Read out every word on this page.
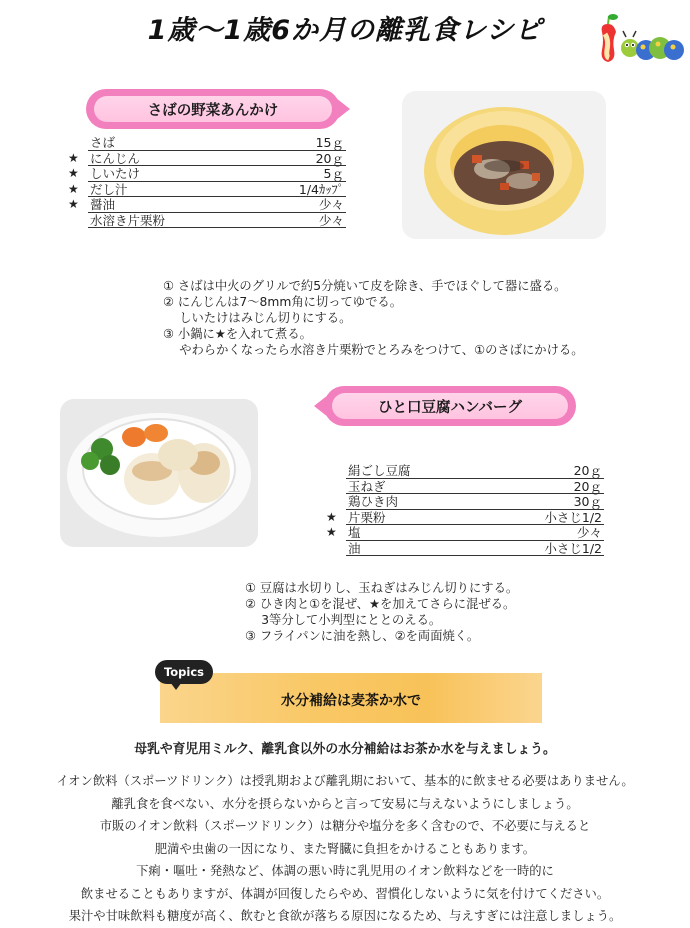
1歳～1歳6か月の離乳食レシピ
さばの野菜あんかけ
さば	15ｇ
★ にんじん	20ｇ
★ しいたけ	5ｇ
★ だし汁	1/4ｶｯﾌﾟ
★ 醤油	少々
水溶き片栗粉	少々
① さばは中火のグリルで約5分焼いて皮を除き、手でほぐして器に盛る。
② にんじんは7～8mm角に切ってゆでる。
　 しいたけはみじん切りにする。
③ 小鍋に★を入れて煮る。
　 やわらかくなったら水溶き片栗粉でとろみをつけて、①のさばにかける。
ひと口豆腐ハンバーグ
絹ごし豆腐	20ｇ
玉ねぎ	20ｇ
鶏ひき肉	30ｇ
★ 片栗粉	小さじ1/2
★ 塩	少々
油	小さじ1/2
① 豆腐は水切りし、玉ねぎはみじん切りにする。
② ひき肉と①を混ぜ、★を加えてさらに混ぜる。
　 3等分して小判型にととのえる。
③ フライパンに油を熱し、②を両面焼く。
水分補給は麦茶か水で
Topics
母乳や育児用ミルク、離乳食以外の水分補給はお茶か水を与えましょう。
イオン飲料（スポーツドリンク）は授乳期および離乳期において、基本的に飲ませる必要はありません。
離乳食を食べない、水分を摂らないからと言って安易に与えないようにしましょう。
市販のイオン飲料（スポーツドリンク）は糖分や塩分を多く含むので、不必要に与えると
肥満や虫歯の一因になり、また腎臓に負担をかけることもあります。
下痢・嘔吐・発熱など、体調の悪い時に乳児用のイオン飲料などを一時的に
飲ませることもありますが、体調が回復したらやめ、習慣化しないように気を付けてください。
果汁や甘味飲料も糖度が高く、飲むと食欲が落ちる原因になるため、与えすぎには注意しましょう。
